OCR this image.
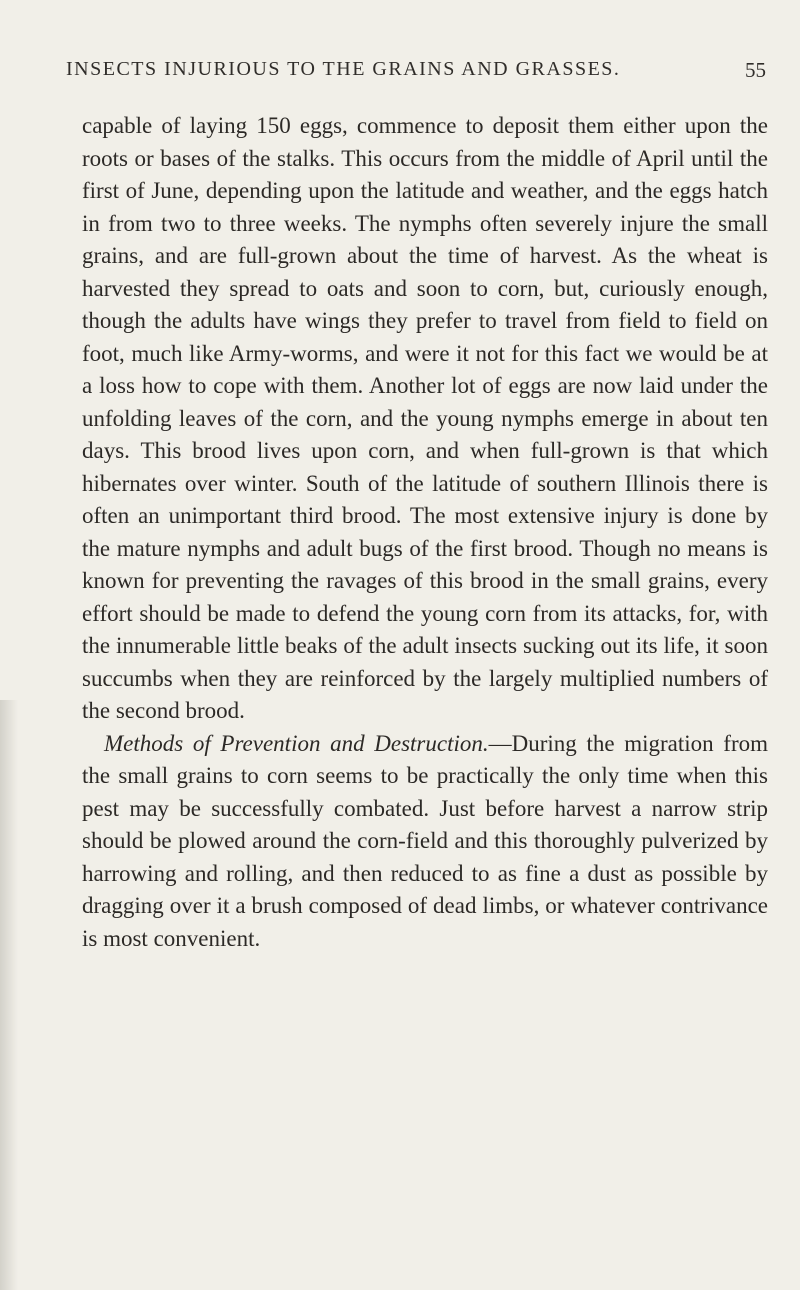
INSECTS INJURIOUS TO THE GRAINS AND GRASSES.	55

capable of laying 150 eggs, commence to deposit them either upon the roots or bases of the stalks. This occurs from the middle of April until the first of June, depending upon the latitude and weather, and the eggs hatch in from two to three weeks. The nymphs often severely injure the small grains, and are full-grown about the time of harvest. As the wheat is harvested they spread to oats and soon to corn, but, curiously enough, though the adults have wings they prefer to travel from field to field on foot, much like Army-worms, and were it not for this fact we would be at a loss how to cope with them. Another lot of eggs are now laid under the unfolding leaves of the corn, and the young nymphs emerge in about ten days. This brood lives upon corn, and when full-grown is that which hibernates over winter. South of the latitude of southern Illinois there is often an unimportant third brood. The most extensive injury is done by the mature nymphs and adult bugs of the first brood. Though no means is known for preventing the ravages of this brood in the small grains, every effort should be made to defend the young corn from its attacks, for, with the innumerable little beaks of the adult insects sucking out its life, it soon succumbs when they are reinforced by the largely multiplied numbers of the second brood.

Methods of Prevention and Destruction.—During the migration from the small grains to corn seems to be practically the only time when this pest may be successfully combated. Just before harvest a narrow strip should be plowed around the corn-field and this thoroughly pulverized by harrowing and rolling, and then reduced to as fine a dust as possible by dragging over it a brush composed of dead limbs, or whatever contrivance is most convenient.
